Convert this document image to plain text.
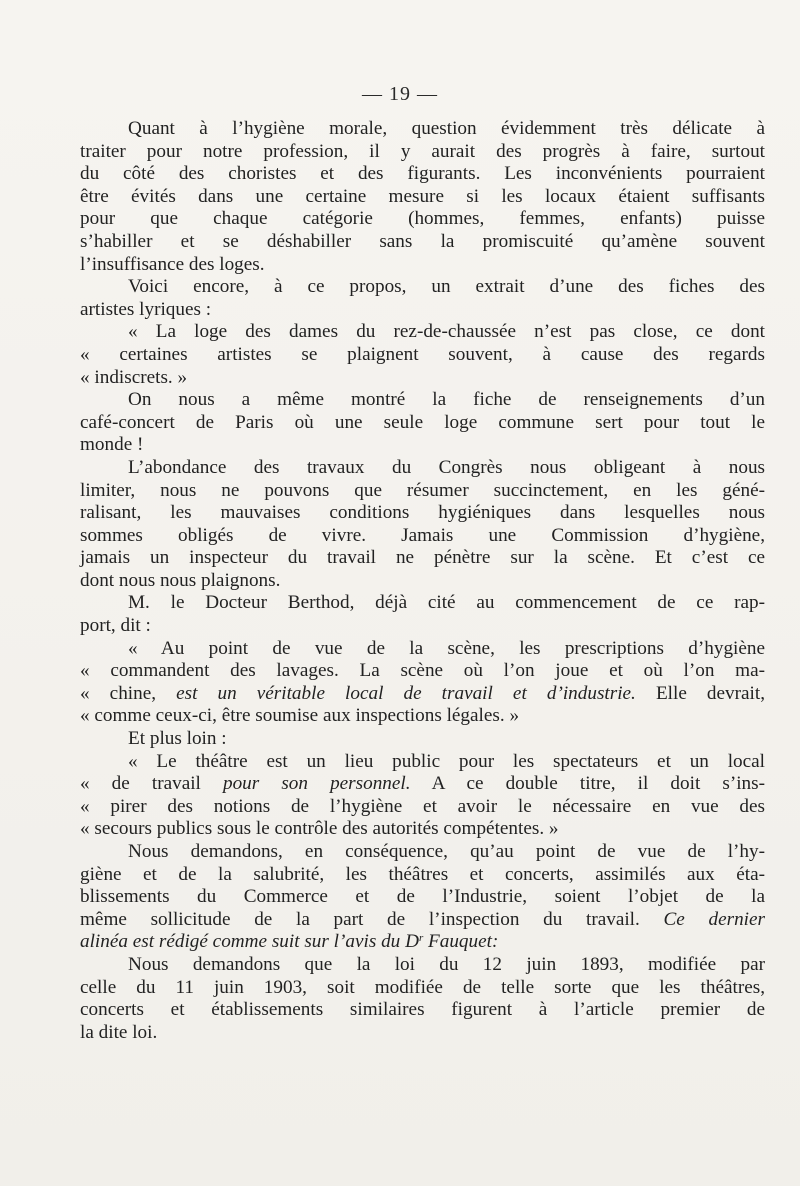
— 19 —
Quant à l’hygiène morale, question évidemment très délicate à
traiter pour notre profession, il y aurait des progrès à faire, surtout
du côté des choristes et des figurants. Les inconvénients pourraient
être évités dans une certaine mesure si les locaux étaient suffisants
pour que chaque catégorie (hommes, femmes, enfants) puisse
s’habiller et se déshabiller sans la promiscuité qu’amène souvent
l’insuffisance des loges.
Voici encore, à ce propos, un extrait d’une des fiches des
artistes lyriques :
« La loge des dames du rez-de-chaussée n’est pas close, ce dont
« certaines artistes se plaignent souvent, à cause des regards
« indiscrets. »
On nous a même montré la fiche de renseignements d’un
café-concert de Paris où une seule loge commune sert pour tout le
monde !
L’abondance des travaux du Congrès nous obligeant à nous
limiter, nous ne pouvons que résumer succinctement, en les géné-
ralisant, les mauvaises conditions hygiéniques dans lesquelles nous
sommes obligés de vivre. Jamais une Commission d’hygiène,
jamais un inspecteur du travail ne pénètre sur la scène. Et c’est ce
dont nous nous plaignons.
M. le Docteur Berthod, déjà cité au commencement de ce rap-
port, dit :
« Au point de vue de la scène, les prescriptions d’hygiène
« commandent des lavages. La scène où l’on joue et où l’on ma-
« chine, est un véritable local de travail et d’industrie. Elle devrait,
« comme ceux-ci, être soumise aux inspections légales. »
Et plus loin :
« Le théâtre est un lieu public pour les spectateurs et un local
« de travail pour son personnel. A ce double titre, il doit s’ins-
« pirer des notions de l’hygiène et avoir le nécessaire en vue des
« secours publics sous le contrôle des autorités compétentes. »
Nous demandons, en conséquence, qu’au point de vue de l’hy-
giène et de la salubrité, les théâtres et concerts, assimilés aux éta-
blissements du Commerce et de l’Industrie, soient l’objet de la
même sollicitude de la part de l’inspection du travail. Ce dernier
alinéa est rédigé comme suit sur l’avis du $D^r$ Fauquet:
Nous demandons que la loi du 12 juin 1893, modifiée par
celle du 11 juin 1903, soit modifiée de telle sorte que les théâtres,
concerts et établissements similaires figurent à l’article premier de
la dite loi.
